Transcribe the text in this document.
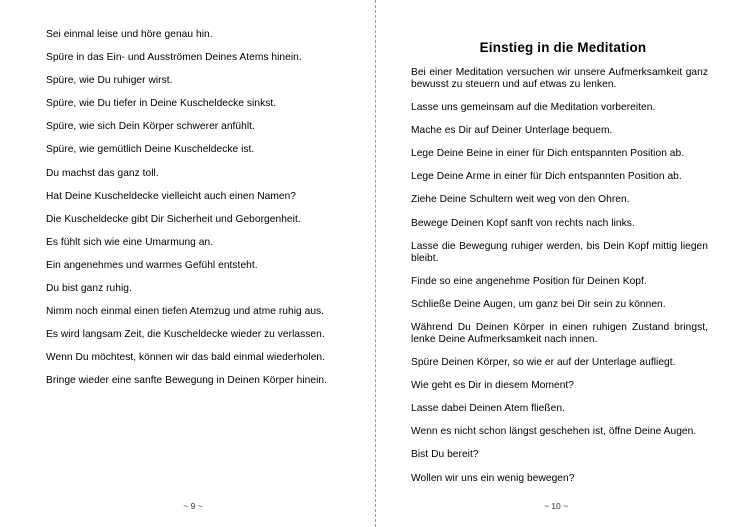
Sei einmal leise und höre genau hin.

Spüre in das Ein- und Ausströmen Deines Atems hinein.

Spüre, wie Du ruhiger wirst.

Spüre, wie Du tiefer in Deine Kuscheldecke sinkst.

Spüre, wie sich Dein Körper schwerer anfühlt.

Spüre, wie gemütlich Deine Kuscheldecke ist.

Du machst das ganz toll.

Hat Deine Kuscheldecke vielleicht auch einen Namen?

Die Kuscheldecke gibt Dir Sicherheit und Geborgenheit.

Es fühlt sich wie eine Umarmung an.

Ein angenehmes und warmes Gefühl entsteht.

Du bist ganz ruhig.

Nimm noch einmal einen tiefen Atemzug und atme ruhig aus.

Es wird langsam Zeit, die Kuscheldecke wieder zu verlassen.

Wenn Du möchtest, können wir das bald einmal wiederholen.

Bringe wieder eine sanfte Bewegung in Deinen Körper hinein.

~ 9 ~
Einstieg in die Meditation

Bei einer Meditation versuchen wir unsere Aufmerksamkeit ganz bewusst zu steuern und auf etwas zu lenken.

Lasse uns gemeinsam auf die Meditation vorbereiten.

Mache es Dir auf Deiner Unterlage bequem.

Lege Deine Beine in einer für Dich entspannten Position ab.

Lege Deine Arme in einer für Dich entspannten Position ab.

Ziehe Deine Schultern weit weg von den Ohren.

Bewege Deinen Kopf sanft von rechts nach links.

Lasse die Bewegung ruhiger werden, bis Dein Kopf mittig liegen bleibt.

Finde so eine angenehme Position für Deinen Kopf.

Schließe Deine Augen, um ganz bei Dir sein zu können.

Während Du Deinen Körper in einen ruhigen Zustand bringst, lenke Deine Aufmerksamkeit nach innen.

Spüre Deinen Körper, so wie er auf der Unterlage aufliegt.

Wie geht es Dir in diesem Moment?

Lasse dabei Deinen Atem fließen.

Wenn es nicht schon längst geschehen ist, öffne Deine Augen.

Bist Du bereit?

Wollen wir uns ein wenig bewegen?

~ 10 ~
